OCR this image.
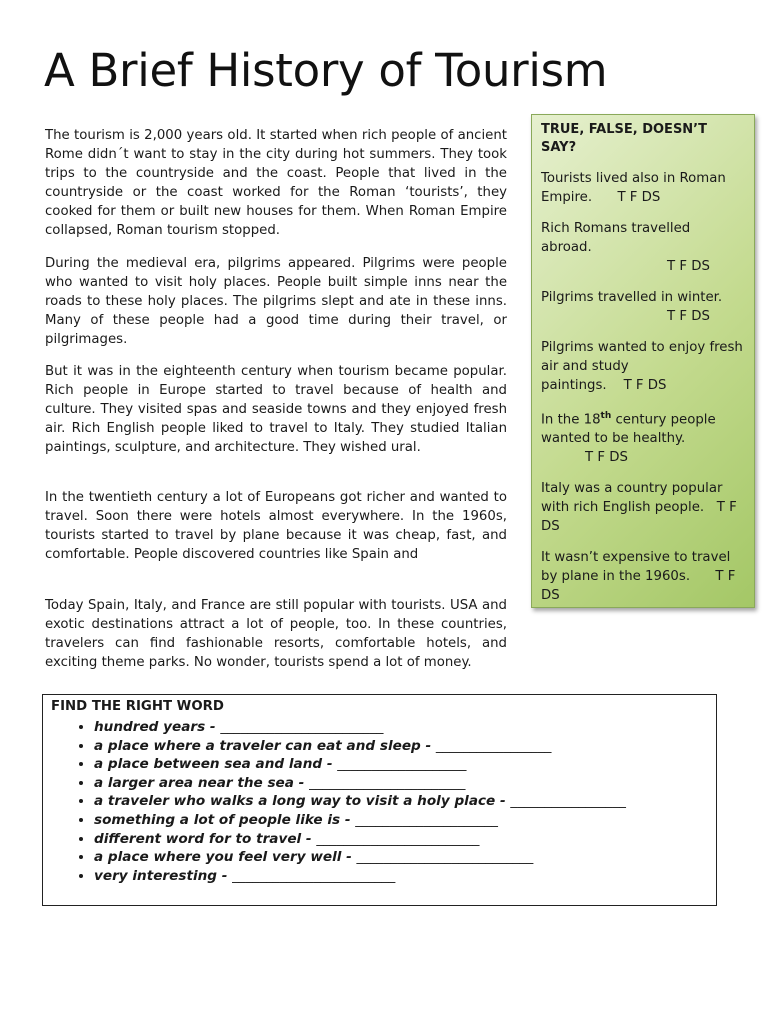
A Brief History of Tourism

The tourism is 2,000 years old. It started when rich people of ancient Rome didn´t want to stay in the city during hot summers. They took trips to the countryside and the coast. People that lived in the countryside or the coast worked for the Roman ‘tourists’, they cooked for them or built new houses for them. When Roman Empire collapsed, Roman tourism stopped.

During the medieval era, pilgrims appeared. Pilgrims were people who wanted to visit holy places. People built simple inns near the roads to these holy places. The pilgrims slept and ate in these inns. Many of these people had a good time during their travel, or pilgrimages.

But it was in the eighteenth century when tourism became popular. Rich people in Europe started to travel because of health and culture. They visited spas and seaside towns and they enjoyed fresh air. Rich English people liked to travel to Italy. They studied Italian paintings, sculpture, and architecture. They wished ural.

In the twentieth century a lot of Europeans got richer and wanted to travel. Soon there were hotels almost everywhere. In the 1960s, tourists started to travel by plane because it was cheap, fast, and comfortable. People discovered countries like Spain and

Today Spain, Italy, and France are still popular with tourists. USA and exotic destinations attract a lot of people, too. In these countries, travelers can find fashionable resorts, comfortable hotels, and exciting theme parks. No wonder, tourists spend a lot of money.

TRUE, FALSE, DOESN’T SAY?
Tourists lived also in Roman Empire. T F DS
Rich Romans travelled abroad.
T F DS
Pilgrims travelled in winter.
T F DS
Pilgrims wanted to enjoy fresh air and study paintings. T F DS
In the 18th century people wanted to be healthy.
T F DS
Italy was a country popular with rich English people. T F DS
It wasn’t expensive to travel by plane in the 1960s. T F DS
FIND THE RIGHT WORD
• hundred years - ________________________
• a place where a traveler can eat and sleep - _________________
• a place between sea and land - ___________________
• a larger area near the sea - _______________________
• a traveler who walks a long way to visit a holy place - _________________
• something a lot of people like is - _____________________
• different word for to travel - ________________________
• a place where you feel very well - __________________________
• very interesting - ________________________
